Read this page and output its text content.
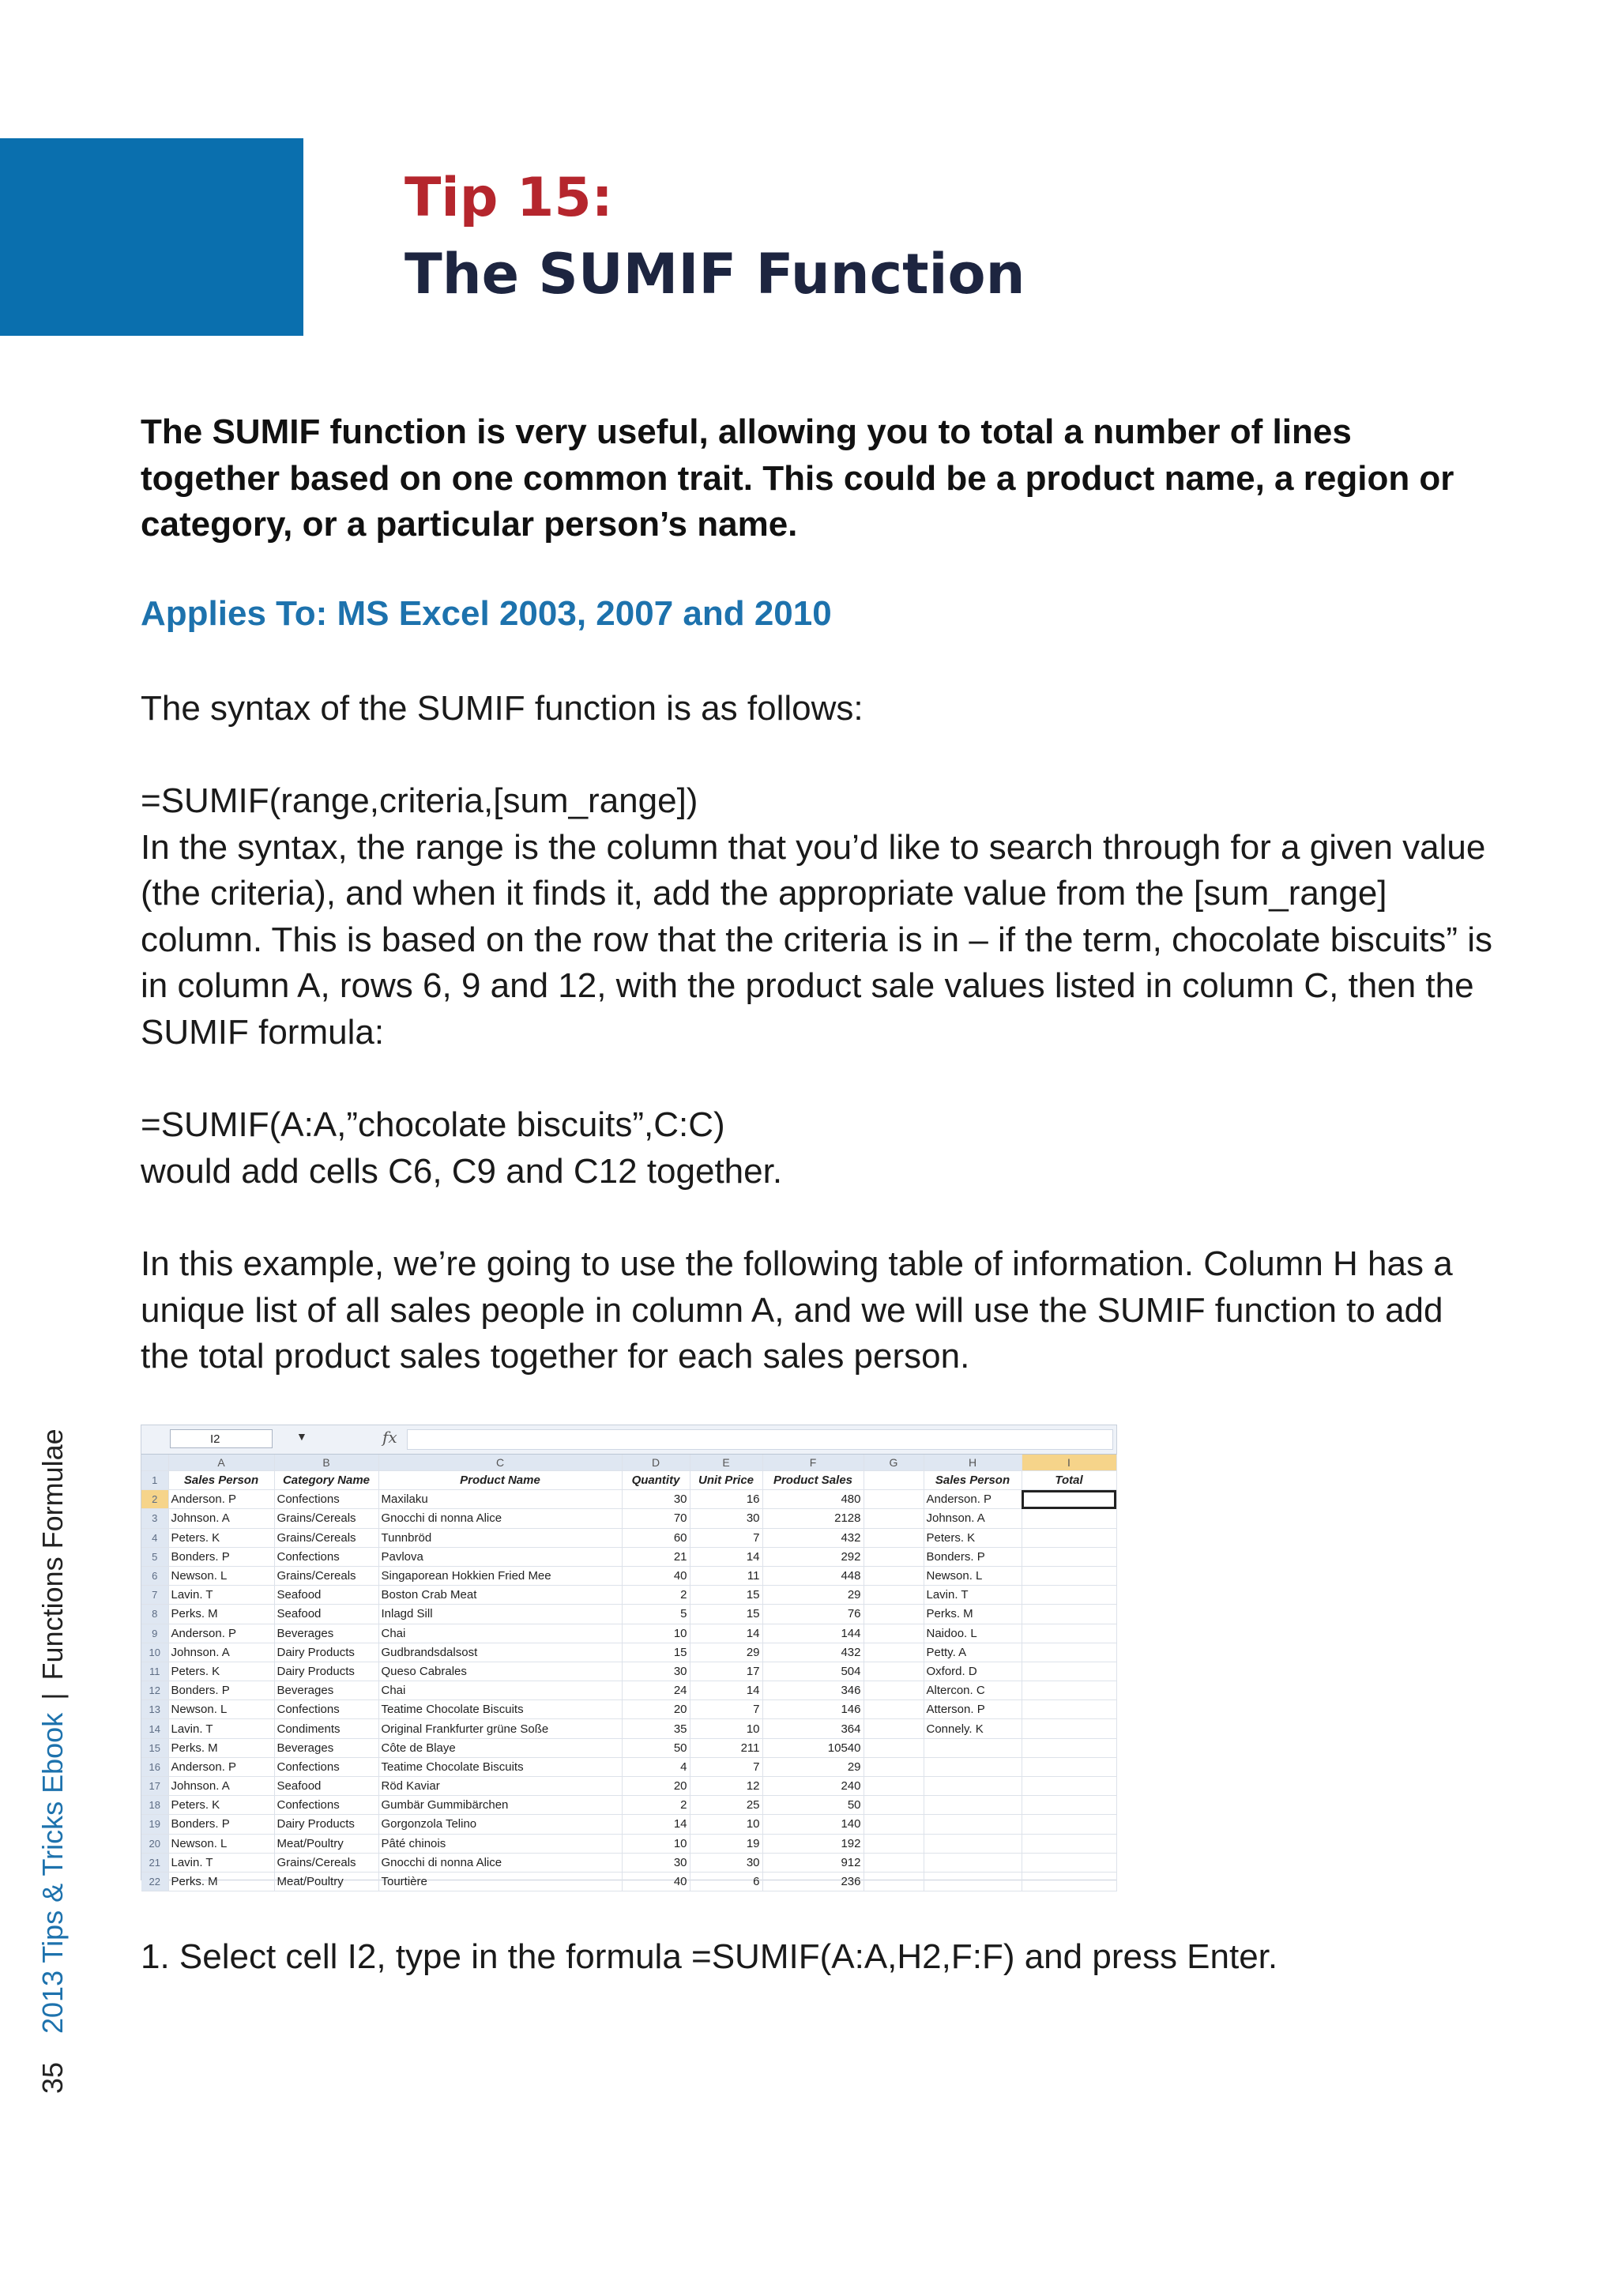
Tip 15:
The SUMIF Function

The SUMIF function is very useful, allowing you to total a number of lines together based on one common trait. This could be a product name, a region or category, or a particular person’s name.

Applies To: MS Excel 2003, 2007 and 2010

The syntax of the SUMIF function is as follows:

=SUMIF(range,criteria,[sum_range])
In the syntax, the range is the column that you’d like to search through for a given value (the criteria), and when it finds it, add the appropriate value from the [sum_range] column. This is based on the row that the criteria is in – if the term, chocolate biscuits” is in column A, rows 6, 9 and 12, with the product sale values listed in column C, then the SUMIF formula:
=SUMIF(A:A,”chocolate biscuits”,C:C)
would add cells C6, C9 and C12 together.

In this example, we’re going to use the following table of information. Column H has a unique list of all sales people in column A, and we will use the SUMIF function to add the total product sales together for each sales person.

I2	▼	fx
	A	B	C	D	E	F	G	H	I
1	Sales Person	Category Name	Product Name	Quantity	Unit Price	Product Sales		Sales Person	Total
2	Anderson. P	Confections	Maxilaku	30	16	480		Anderson. P	
3	Johnson. A	Grains/Cereals	Gnocchi di nonna Alice	70	30	2128		Johnson. A	
4	Peters. K	Grains/Cereals	Tunnbröd	60	7	432		Peters. K	
5	Bonders. P	Confections	Pavlova	21	14	292		Bonders. P	
6	Newson. L	Grains/Cereals	Singaporean Hokkien Fried Mee	40	11	448		Newson. L	
7	Lavin. T	Seafood	Boston Crab Meat	2	15	29		Lavin. T	
8	Perks. M	Seafood	Inlagd Sill	5	15	76		Perks. M	
9	Anderson. P	Beverages	Chai	10	14	144		Naidoo. L	
10	Johnson. A	Dairy Products	Gudbrandsdalsost	15	29	432		Petty. A	
11	Peters. K	Dairy Products	Queso Cabrales	30	17	504		Oxford. D	
12	Bonders. P	Beverages	Chai	24	14	346		Altercon. C	
13	Newson. L	Confections	Teatime Chocolate Biscuits	20	7	146		Atterson. P	
14	Lavin. T	Condiments	Original Frankfurter grüne Soße	35	10	364		Connely. K	
15	Perks. M	Beverages	Côte de Blaye	50	211	10540			
16	Anderson. P	Confections	Teatime Chocolate Biscuits	4	7	29			
17	Johnson. A	Seafood	Röd Kaviar	20	12	240			
18	Peters. K	Confections	Gumbär Gummibärchen	2	25	50			
19	Bonders. P	Dairy Products	Gorgonzola Telino	14	10	140			
20	Newson. L	Meat/Poultry	Pâté chinois	10	19	192			
21	Lavin. T	Grains/Cereals	Gnocchi di nonna Alice	30	30	912			
22	Perks. M	Meat/Poultry	Tourtière	40	6	236			

1. Select cell I2, type in the formula =SUMIF(A:A,H2,F:F) and press Enter.

352013 Tips & Tricks Ebook|Functions Formulae
